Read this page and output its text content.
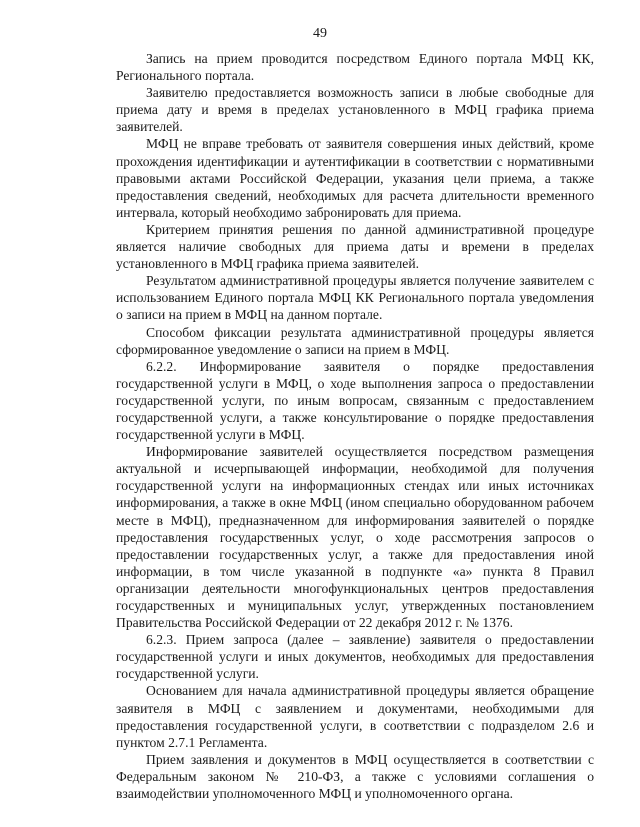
49

Запись на прием проводится посредством Единого портала МФЦ КК, Регионального портала.

Заявителю предоставляется возможность записи в любые свободные для приема дату и время в пределах установленного в МФЦ графика приема заявителей.

МФЦ не вправе требовать от заявителя совершения иных действий, кроме прохождения идентификации и аутентификации в соответствии с нормативными правовыми актами Российской Федерации, указания цели приема, а также предоставления сведений, необходимых для расчета длительности временного интервала, который необходимо забронировать для приема.

Критерием принятия решения по данной административной процедуре является наличие свободных для приема даты и времени в пределах установленного в МФЦ графика приема заявителей.

Результатом административной процедуры является получение заявителем с использованием Единого портала МФЦ КК Регионального портала уведомления о записи на прием в МФЦ на данном портале.

Способом фиксации результата административной процедуры является сформированное уведомление о записи на прием в МФЦ.

6.2.2. Информирование заявителя о порядке предоставления государственной услуги в МФЦ, о ходе выполнения запроса о предоставлении государственной услуги, по иным вопросам, связанным с предоставлением государственной услуги, а также консультирование о порядке предоставления государственной услуги в МФЦ.

Информирование заявителей осуществляется посредством размещения актуальной и исчерпывающей информации, необходимой для получения государственной услуги на информационных стендах или иных источниках информирования, а также в окне МФЦ (ином специально оборудованном рабочем месте в МФЦ), предназначенном для информирования заявителей о порядке предоставления государственных услуг, о ходе рассмотрения запросов о предоставлении государственных услуг, а также для предоставления иной информации, в том числе указанной в подпункте «а» пункта 8 Правил организации деятельности многофункциональных центров предоставления государственных и муниципальных услуг, утвержденных постановлением Правительства Российской Федерации от 22 декабря 2012 г. № 1376.

6.2.3. Прием запроса (далее – заявление) заявителя о предоставлении государственной услуги и иных документов, необходимых для предоставления государственной услуги.

Основанием для начала административной процедуры является обращение заявителя в МФЦ с заявлением и документами, необходимыми для предоставления государственной услуги, в соответствии с подразделом 2.6 и пунктом 2.7.1 Регламента.

Прием заявления и документов в МФЦ осуществляется в соответствии с Федеральным законом № 210-ФЗ, а также с условиями соглашения о взаимодействии уполномоченного МФЦ и уполномоченного органа.
